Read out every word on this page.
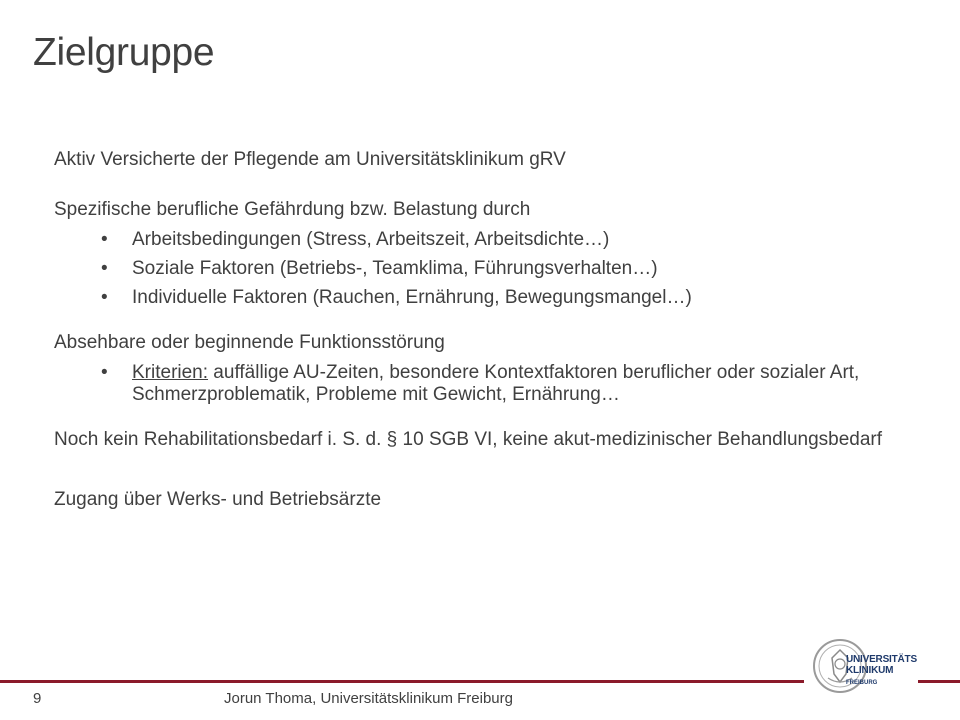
Zielgruppe

Aktiv Versicherte der Pflegende am Universitätsklinikum gRV

Spezifische berufliche Gefährdung bzw. Belastung durch

• Arbeitsbedingungen (Stress, Arbeitszeit, Arbeitsdichte…)
• Soziale Faktoren (Betriebs-, Teamklima, Führungsverhalten…)
• Individuelle Faktoren (Rauchen, Ernährung, Bewegungsmangel…)

Absehbare oder beginnende Funktionsstörung

• Kriterien: auffällige AU-Zeiten, besondere Kontextfaktoren beruflicher oder sozialer Art, Schmerzproblematik, Probleme mit Gewicht, Ernährung…

Noch kein Rehabilitationsbedarf i. S. d. § 10 SGB VI, keine akut-medizinischer Behandlungsbedarf

Zugang über Werks- und Betriebsärzte

9	Jorun Thoma, Universitätsklinikum Freiburg
UNIVERSITÄTS
KLINIKUM FREIBURG
